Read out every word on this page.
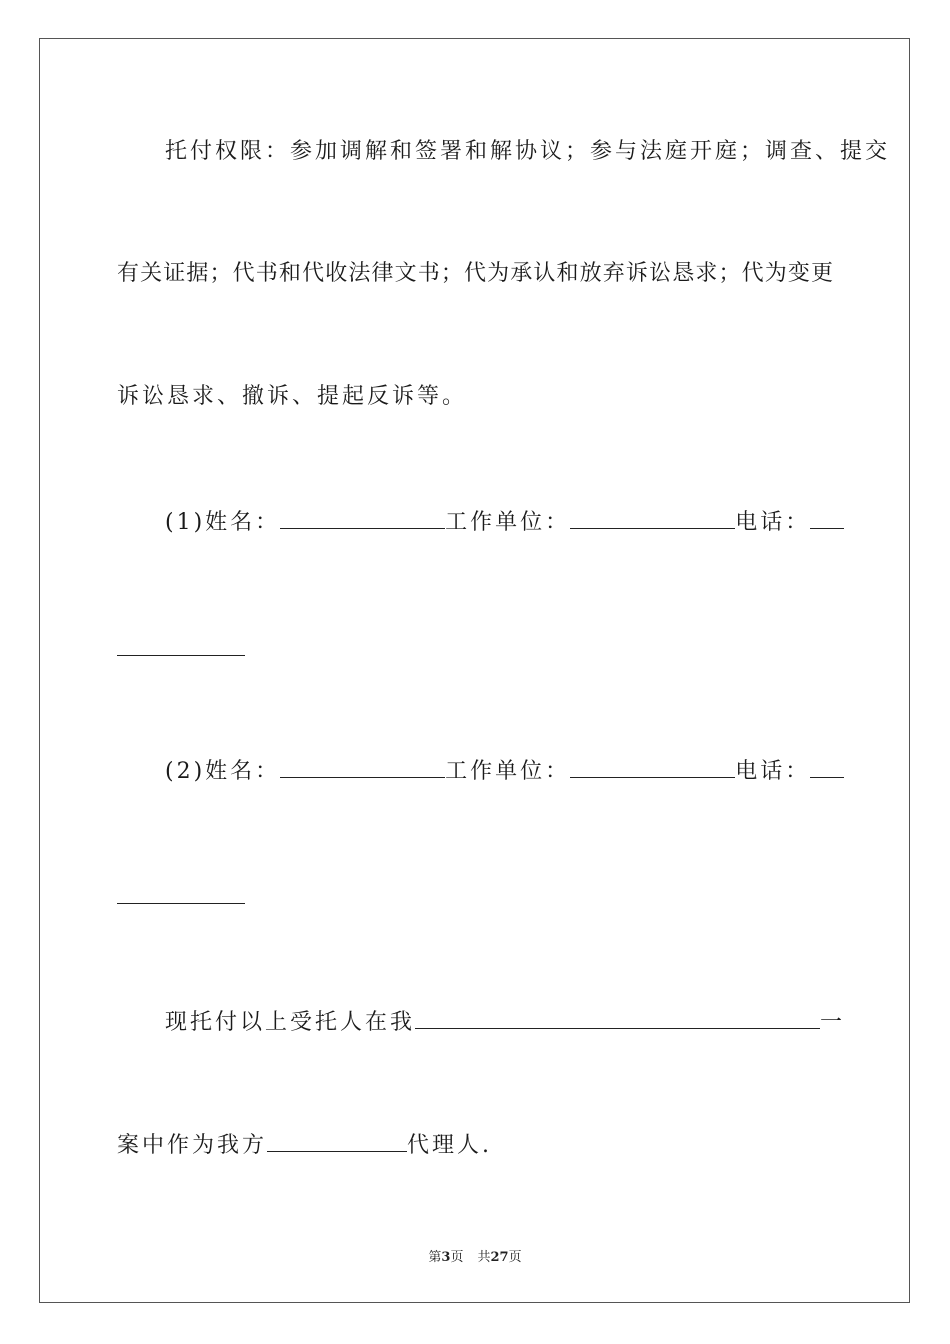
托付权限：参加调解和签署和解协议；参与法庭开庭；调查、提交
有关证据；代书和代收法律文书；代为承认和放弃诉讼恳求；代为变更
诉讼恳求、撤诉、提起反诉等。
(1)姓名：	工作单位：	电话：
(2)姓名：	工作单位：	电话：
现托付以上受托人在我	一
案中作为我方	代理人.
第3页 共27页
